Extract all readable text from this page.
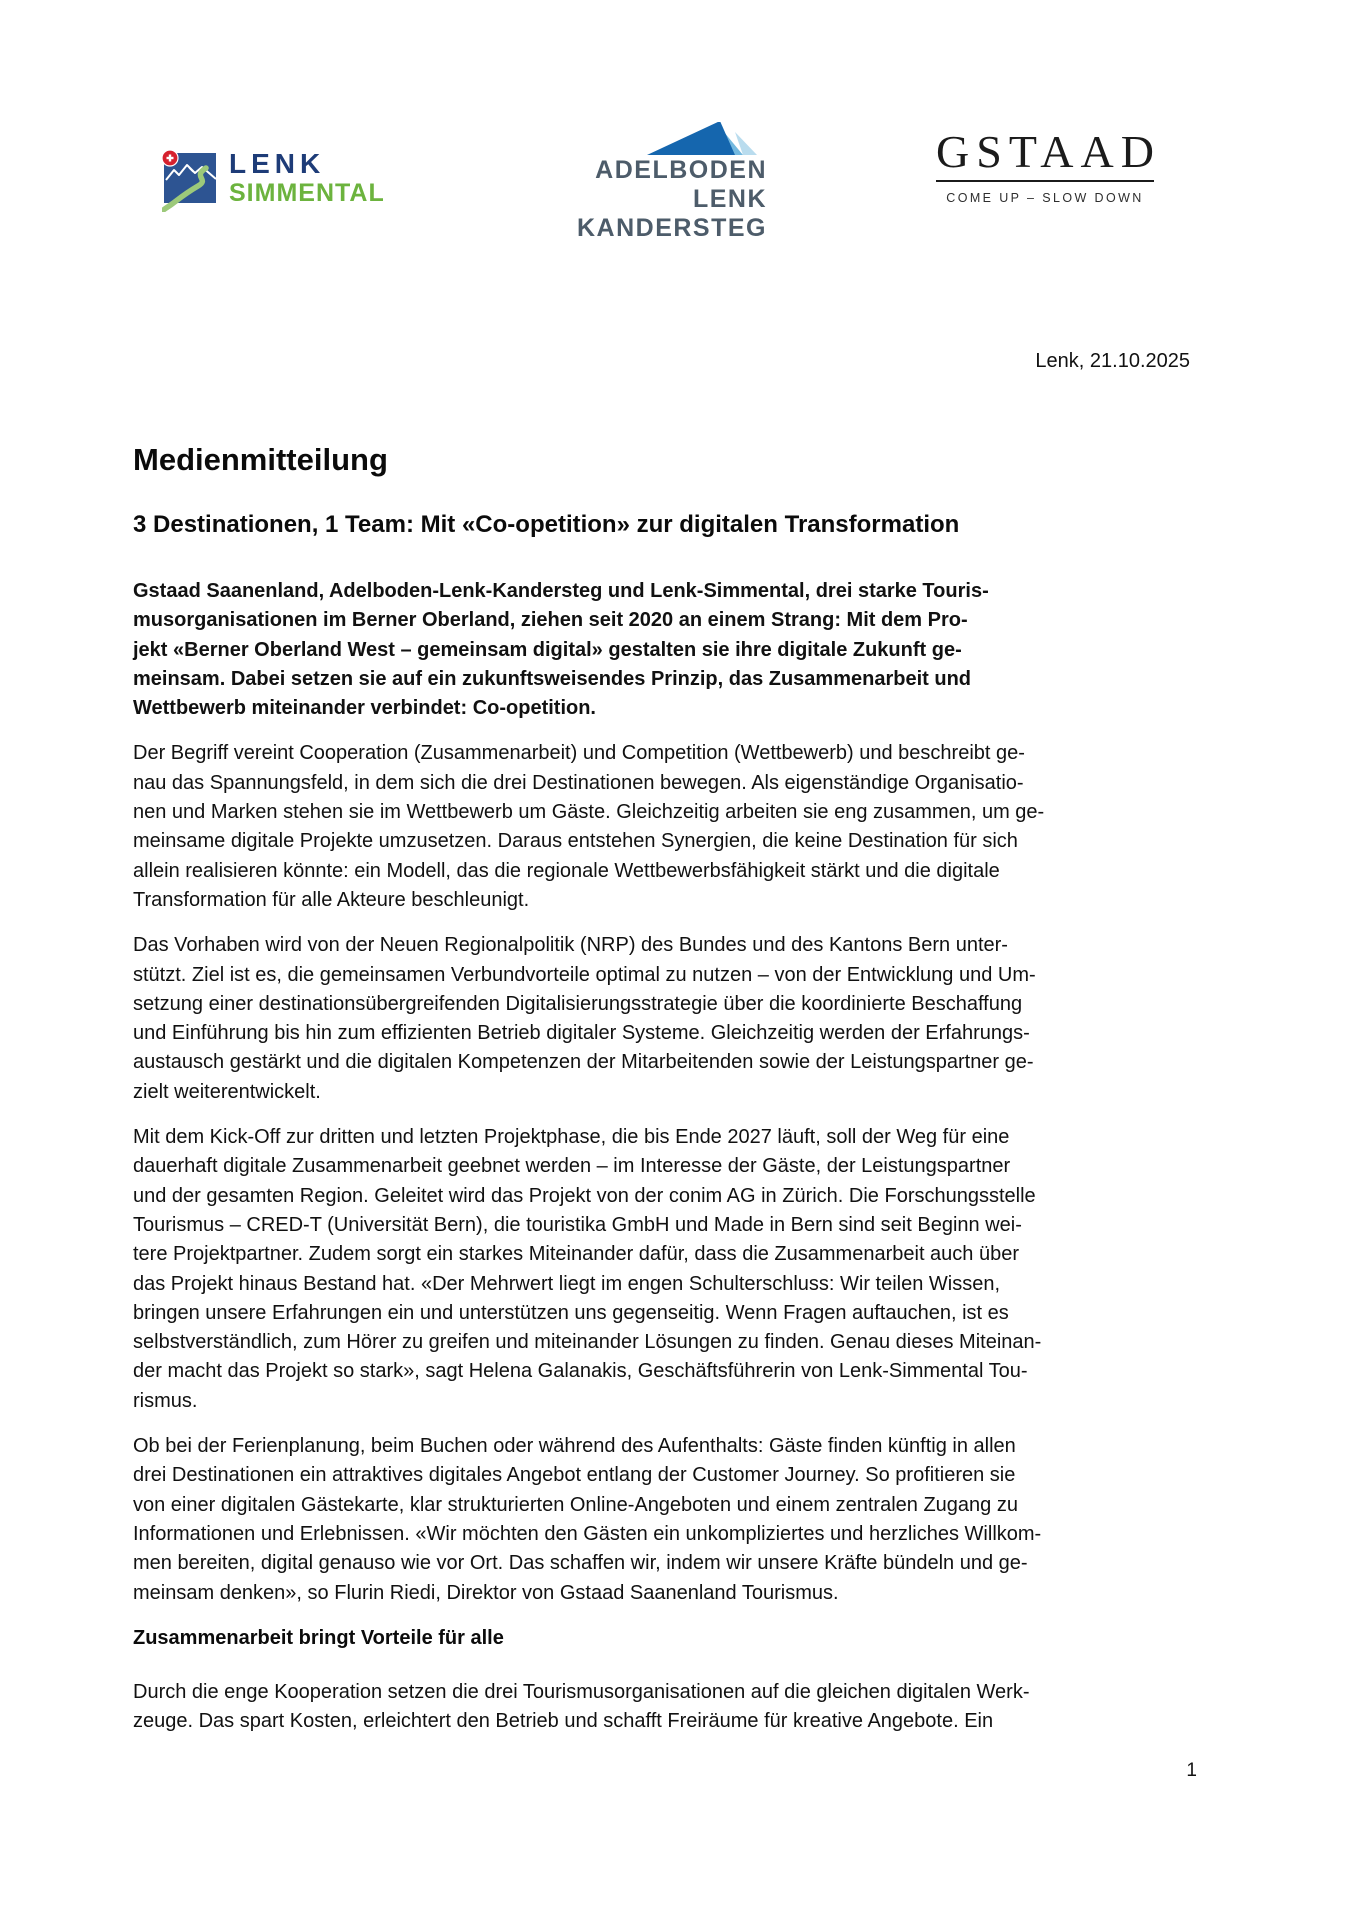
LENK
SIMMENTAL
ADELBODEN LENK
KANDERSTEG
GSTAAD
COME UP – SLOW DOWN
Lenk, 21.10.2025
Medienmitteilung
3 Destinationen, 1 Team: Mit «Co-opetition» zur digitalen Transformation
Gstaad Saanenland, Adelboden-Lenk-Kandersteg und Lenk-Simmental, drei starke Touris-
musorganisationen im Berner Oberland, ziehen seit 2020 an einem Strang: Mit dem Pro-
jekt «Berner Oberland West – gemeinsam digital» gestalten sie ihre digitale Zukunft ge-
meinsam. Dabei setzen sie auf ein zukunftsweisendes Prinzip, das Zusammenarbeit und
Wettbewerb miteinander verbindet: Co-opetition.
Der Begriff vereint Cooperation (Zusammenarbeit) und Competition (Wettbewerb) und beschreibt ge-
nau das Spannungsfeld, in dem sich die drei Destinationen bewegen. Als eigenständige Organisatio-
nen und Marken stehen sie im Wettbewerb um Gäste. Gleichzeitig arbeiten sie eng zusammen, um ge-
meinsame digitale Projekte umzusetzen. Daraus entstehen Synergien, die keine Destination für sich
allein realisieren könnte: ein Modell, das die regionale Wettbewerbsfähigkeit stärkt und die digitale
Transformation für alle Akteure beschleunigt.
Das Vorhaben wird von der Neuen Regionalpolitik (NRP) des Bundes und des Kantons Bern unter-
stützt. Ziel ist es, die gemeinsamen Verbundvorteile optimal zu nutzen – von der Entwicklung und Um-
setzung einer destinationsübergreifenden Digitalisierungsstrategie über die koordinierte Beschaffung
und Einführung bis hin zum effizienten Betrieb digitaler Systeme. Gleichzeitig werden der Erfahrungs-
austausch gestärkt und die digitalen Kompetenzen der Mitarbeitenden sowie der Leistungspartner ge-
zielt weiterentwickelt.
Mit dem Kick-Off zur dritten und letzten Projektphase, die bis Ende 2027 läuft, soll der Weg für eine
dauerhaft digitale Zusammenarbeit geebnet werden – im Interesse der Gäste, der Leistungspartner
und der gesamten Region. Geleitet wird das Projekt von der conim AG in Zürich. Die Forschungsstelle
Tourismus – CRED-T (Universität Bern), die touristika GmbH und Made in Bern sind seit Beginn wei-
tere Projektpartner. Zudem sorgt ein starkes Miteinander dafür, dass die Zusammenarbeit auch über
das Projekt hinaus Bestand hat. «Der Mehrwert liegt im engen Schulterschluss: Wir teilen Wissen,
bringen unsere Erfahrungen ein und unterstützen uns gegenseitig. Wenn Fragen auftauchen, ist es
selbstverständlich, zum Hörer zu greifen und miteinander Lösungen zu finden. Genau dieses Miteinan-
der macht das Projekt so stark», sagt Helena Galanakis, Geschäftsführerin von Lenk-Simmental Tou-
rismus.
Ob bei der Ferienplanung, beim Buchen oder während des Aufenthalts: Gäste finden künftig in allen
drei Destinationen ein attraktives digitales Angebot entlang der Customer Journey. So profitieren sie
von einer digitalen Gästekarte, klar strukturierten Online-Angeboten und einem zentralen Zugang zu
Informationen und Erlebnissen. «Wir möchten den Gästen ein unkompliziertes und herzliches Willkom-
men bereiten, digital genauso wie vor Ort. Das schaffen wir, indem wir unsere Kräfte bündeln und ge-
meinsam denken», so Flurin Riedi, Direktor von Gstaad Saanenland Tourismus.
Zusammenarbeit bringt Vorteile für alle
Durch die enge Kooperation setzen die drei Tourismusorganisationen auf die gleichen digitalen Werk-
zeuge. Das spart Kosten, erleichtert den Betrieb und schafft Freiräume für kreative Angebote. Ein
1
